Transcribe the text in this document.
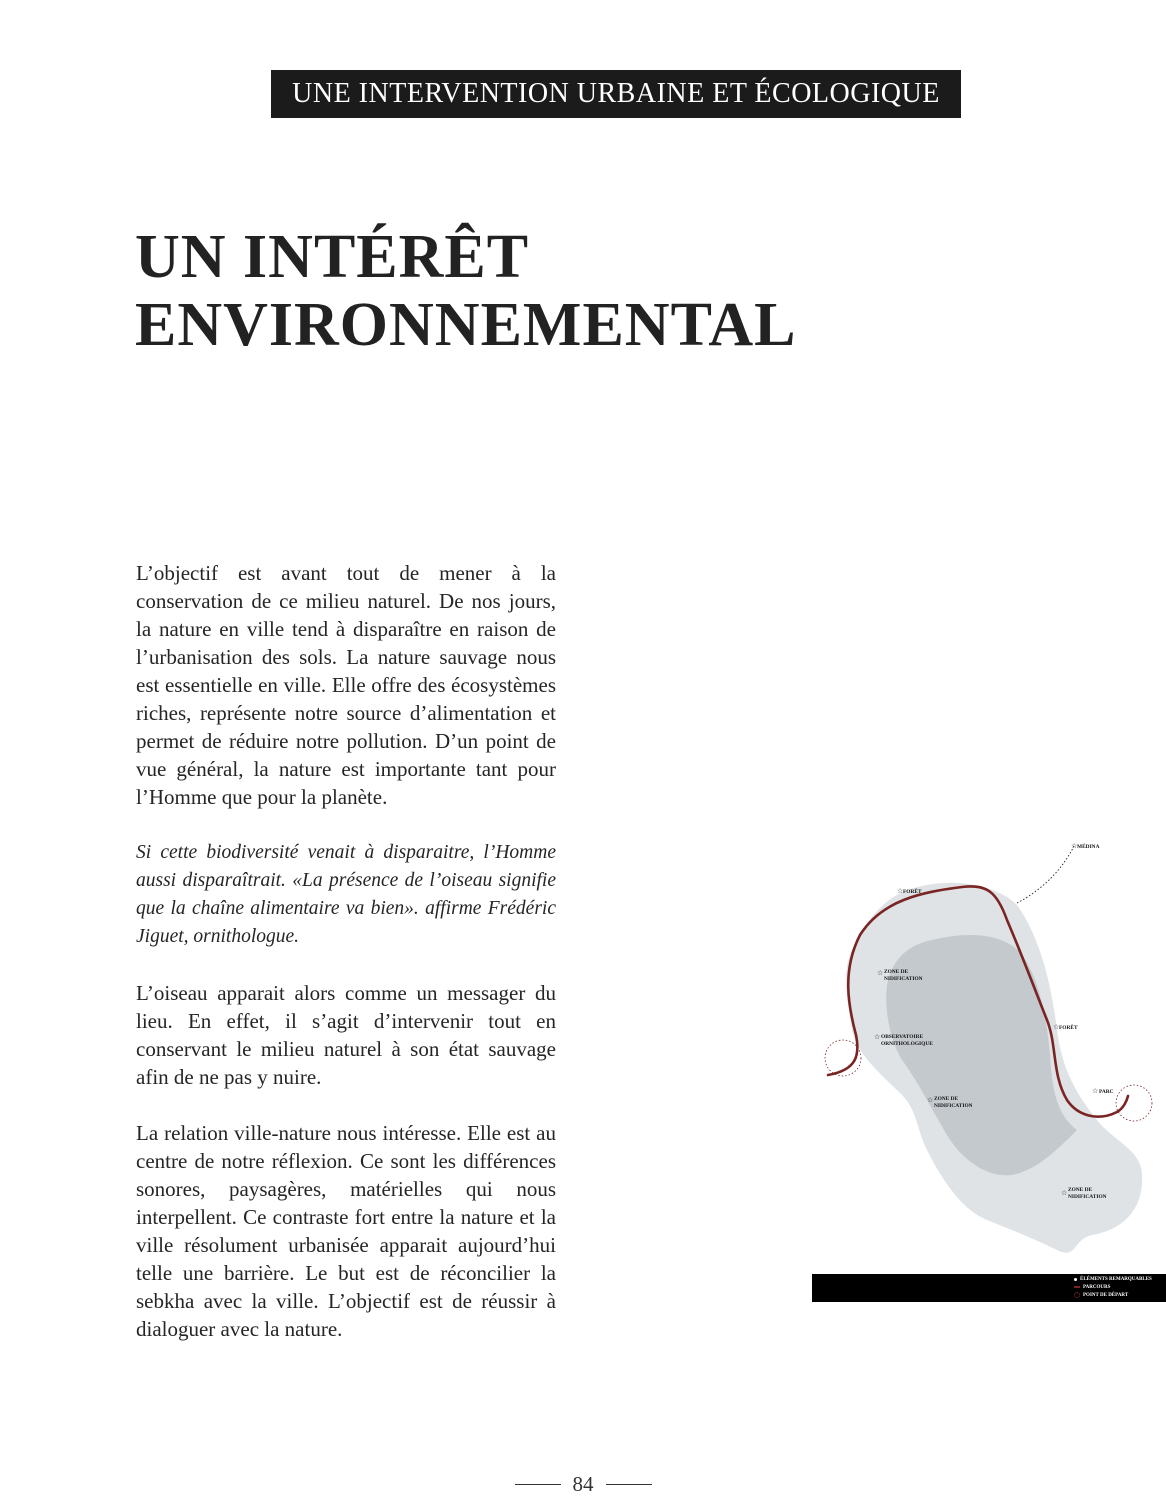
UNE INTERVENTION URBAINE ET ÉCOLOGIQUE
UN INTÉRÊT
ENVIRONNEMENTAL

L’objectif est avant tout de mener à la conservation de ce milieu naturel. De nos jours, la nature en ville tend à disparaître en raison de l’urbanisation des sols. La nature sauvage nous est essentielle en ville. Elle offre des écosystèmes riches, représente notre source d’alimentation et permet de réduire notre pollution. D’un point de vue général, la nature est importante tant pour l’Homme que pour la planète.

Si cette biodiversité venait à disparaitre, l’Homme aussi disparaîtrait. «La présence de l’oiseau signifie que la chaîne alimentaire va bien». affirme Frédéric Jiguet, ornithologue.

L’oiseau apparait alors comme un messager du lieu. En effet, il s’agit d’intervenir tout en conservant le milieu naturel à son état sauvage afin de ne pas y nuire.

La relation ville-nature nous intéresse. Elle est au centre de notre réflexion. Ce sont les différences sonores, paysagères, matérielles qui nous interpellent. Ce contraste fort entre la nature et la ville résolument urbanisée apparait aujourd’hui telle une barrière. Le but est de réconcilier la sebkha avec la ville. L’objectif est de réussir à dialoguer avec la nature.

☆ MÉDINA
☆ FORÊT
☆ ZONE DE
NIDIFICATION
☆ FORÊT
☆ OBSERVATOIRE
ORNITHOLOGIQUE
☆ ZONE DE
NIDIFICATION
☆ PARC
☆ ZONE DE
NIDIFICATION
ÉLÉMENTS REMARQUABLES
PARCOURS
POINT DE DÉPART
84
